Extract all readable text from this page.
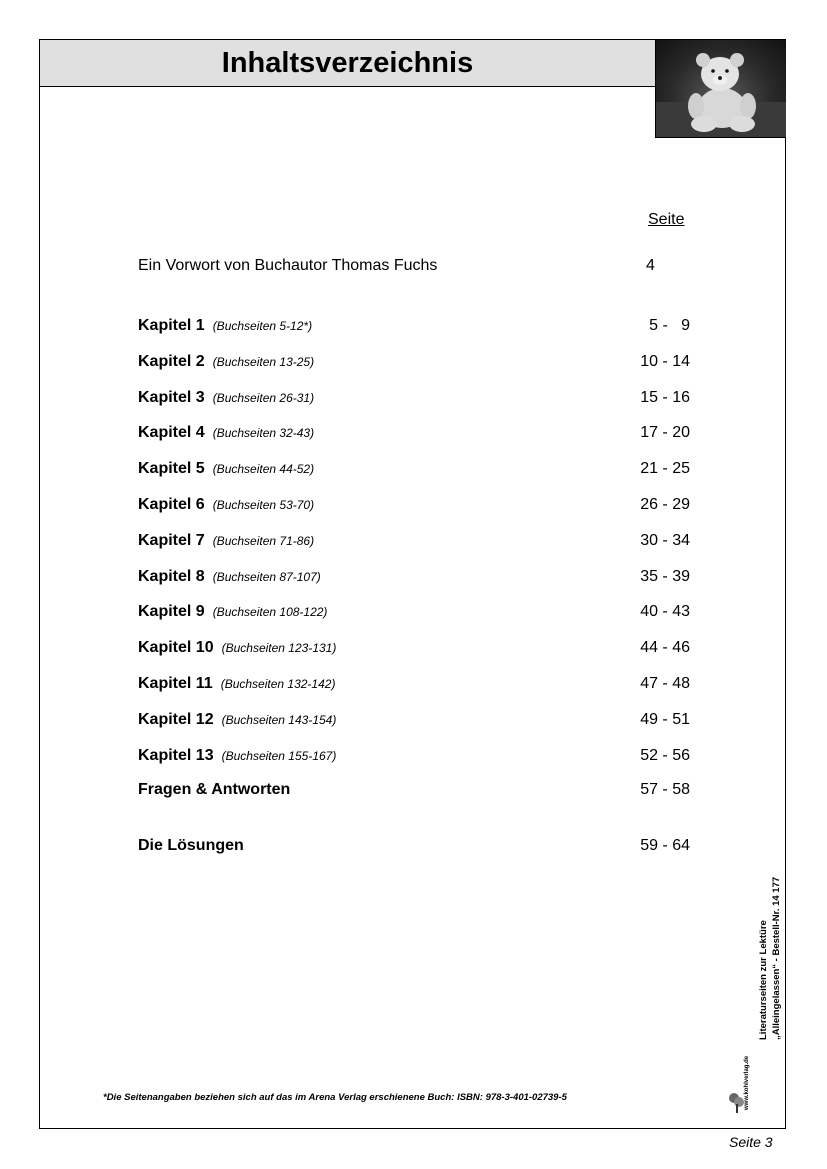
Inhaltsverzeichnis
Seite
Ein Vorwort von Buchautor Thomas Fuchs	4
Kapitel 1 (Buchseiten 5-12*)	5 -   9
Kapitel 2 (Buchseiten 13-25)	10 - 14
Kapitel 3 (Buchseiten 26-31)	15 - 16
Kapitel 4 (Buchseiten 32-43)	17 - 20
Kapitel 5 (Buchseiten 44-52)	21 - 25
Kapitel 6 (Buchseiten 53-70)	26 - 29
Kapitel 7 (Buchseiten 71-86)	30 - 34
Kapitel 8 (Buchseiten 87-107)	35 - 39
Kapitel 9 (Buchseiten 108-122)	40 - 43
Kapitel 10 (Buchseiten 123-131)	44 - 46
Kapitel 11 (Buchseiten 132-142)	47 - 48
Kapitel 12 (Buchseiten 143-154)	49 - 51
Kapitel 13 (Buchseiten 155-167)	52 - 56
Fragen & Antworten	57 - 58
Die Lösungen	59 - 64
*Die Seitenangaben beziehen sich auf das im Arena Verlag erschienene Buch: ISBN: 978-3-401-02739-5
Literaturseiten zur Lektüre „Alleingelassen“ - Bestell-Nr. 14 177
www.kohlverlag.de
Seite 3
